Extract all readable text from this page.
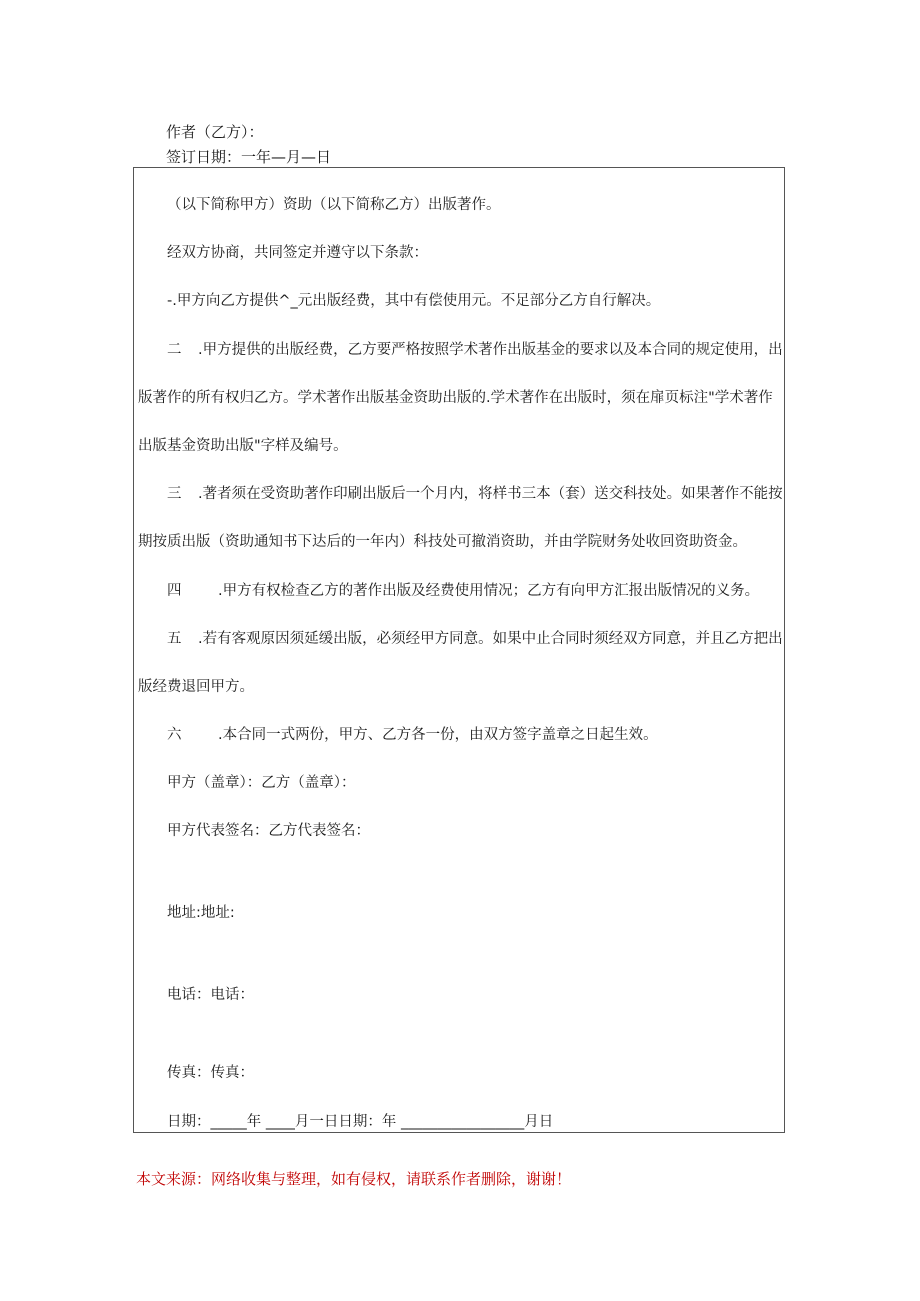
作者（乙方）：
签订日期：一年—月—日
（以下简称甲方）资助（以下简称乙方）出版著作。
经双方协商，共同签定并遵守以下条款：
-.甲方向乙方提供^_元出版经费，其中有偿使用元。不足部分乙方自行解决。
二 .甲方提供的出版经费，乙方要严格按照学术著作出版基金的要求以及本合同的规定使用，出
版著作的所有权归乙方。学术著作出版基金资助出版的.学术著作在出版时，须在扉页标注"学术著作
出版基金资助出版"字样及编号。
三 .著者须在受资助著作印刷出版后一个月内，将样书三本（套）送交科技处。如果著作不能按
期按质出版（资助通知书下达后的一年内）科技处可撤消资助，并由学院财务处收回资助资金。
四	.甲方有权检查乙方的著作出版及经费使用情况；乙方有向甲方汇报出版情况的义务。
五 .若有客观原因须延缓出版，必须经甲方同意。如果中止合同时须经双方同意，并且乙方把出
版经费退回甲方。
六	.本合同一式两份，甲方、乙方各一份，由双方签字盖章之日起生效。
甲方（盖章）：乙方（盖章）：
甲方代表签名：乙方代表签名：
地址:地址:
电话：电话：
传真：传真：
日期：_____年 ____月一日日期：年 _________________月日
本文来源：网络收集与整理，如有侵权，请联系作者删除，谢谢！
